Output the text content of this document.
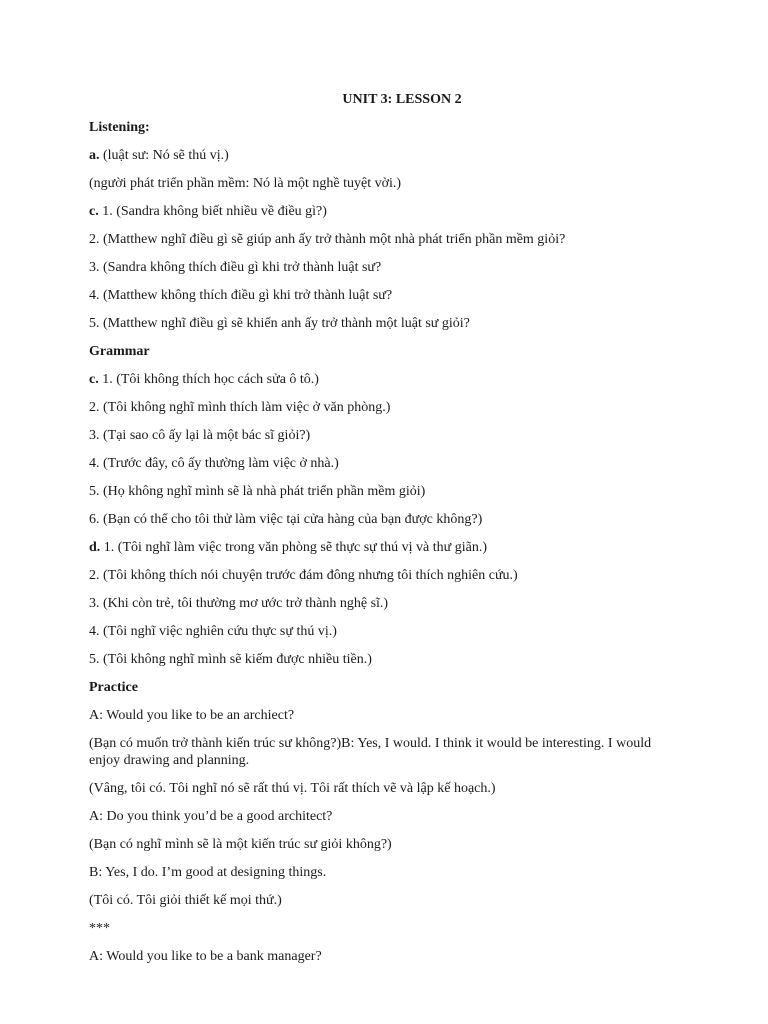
UNIT 3: LESSON 2
Listening:
a. (luật sư: Nó sẽ thú vị.)
(người phát triển phần mềm: Nó là một nghề tuyệt vời.)
c. 1. (Sandra không biết nhiều về điều gì?)
2. (Matthew nghĩ điều gì sẽ giúp anh ấy trở thành một nhà phát triển phần mềm giỏi?
3. (Sandra không thích điều gì khi trở thành luật sư?
4. (Matthew không thích điều gì khi trở thành luật sư?
5. (Matthew nghĩ điều gì sẽ khiến anh ấy trở thành một luật sư giỏi?
Grammar
c. 1. (Tôi không thích học cách sửa ô tô.)
2. (Tôi không nghĩ mình thích làm việc ở văn phòng.)
3. (Tại sao cô ấy lại là một bác sĩ giỏi?)
4. (Trước đây, cô ấy thường làm việc ở nhà.)
5. (Họ không nghĩ mình sẽ là nhà phát triển phần mềm giỏi)
6. (Bạn có thể cho tôi thử làm việc tại cửa hàng của bạn được không?)
d. 1. (Tôi nghĩ làm việc trong văn phòng sẽ thực sự thú vị và thư giãn.)
2. (Tôi không thích nói chuyện trước đám đông nhưng tôi thích nghiên cứu.)
3. (Khi còn trẻ, tôi thường mơ ước trở thành nghệ sĩ.)
4. (Tôi nghĩ việc nghiên cứu thực sự thú vị.)
5. (Tôi không nghĩ mình sẽ kiếm được nhiều tiền.)
Practice
A: Would you like to be an archiect?
(Bạn có muốn trở thành kiến trúc sư không?)B: Yes, I would. I think it would be interesting. I would enjoy drawing and planning.
(Vâng, tôi có. Tôi nghĩ nó sẽ rất thú vị. Tôi rất thích vẽ và lập kế hoạch.)
A: Do you think you’d be a good architect?
(Bạn có nghĩ mình sẽ là một kiến trúc sư giỏi không?)
B: Yes, I do. I’m good at designing things.
(Tôi có. Tôi giỏi thiết kế mọi thứ.)
***
A: Would you like to be a bank manager?
